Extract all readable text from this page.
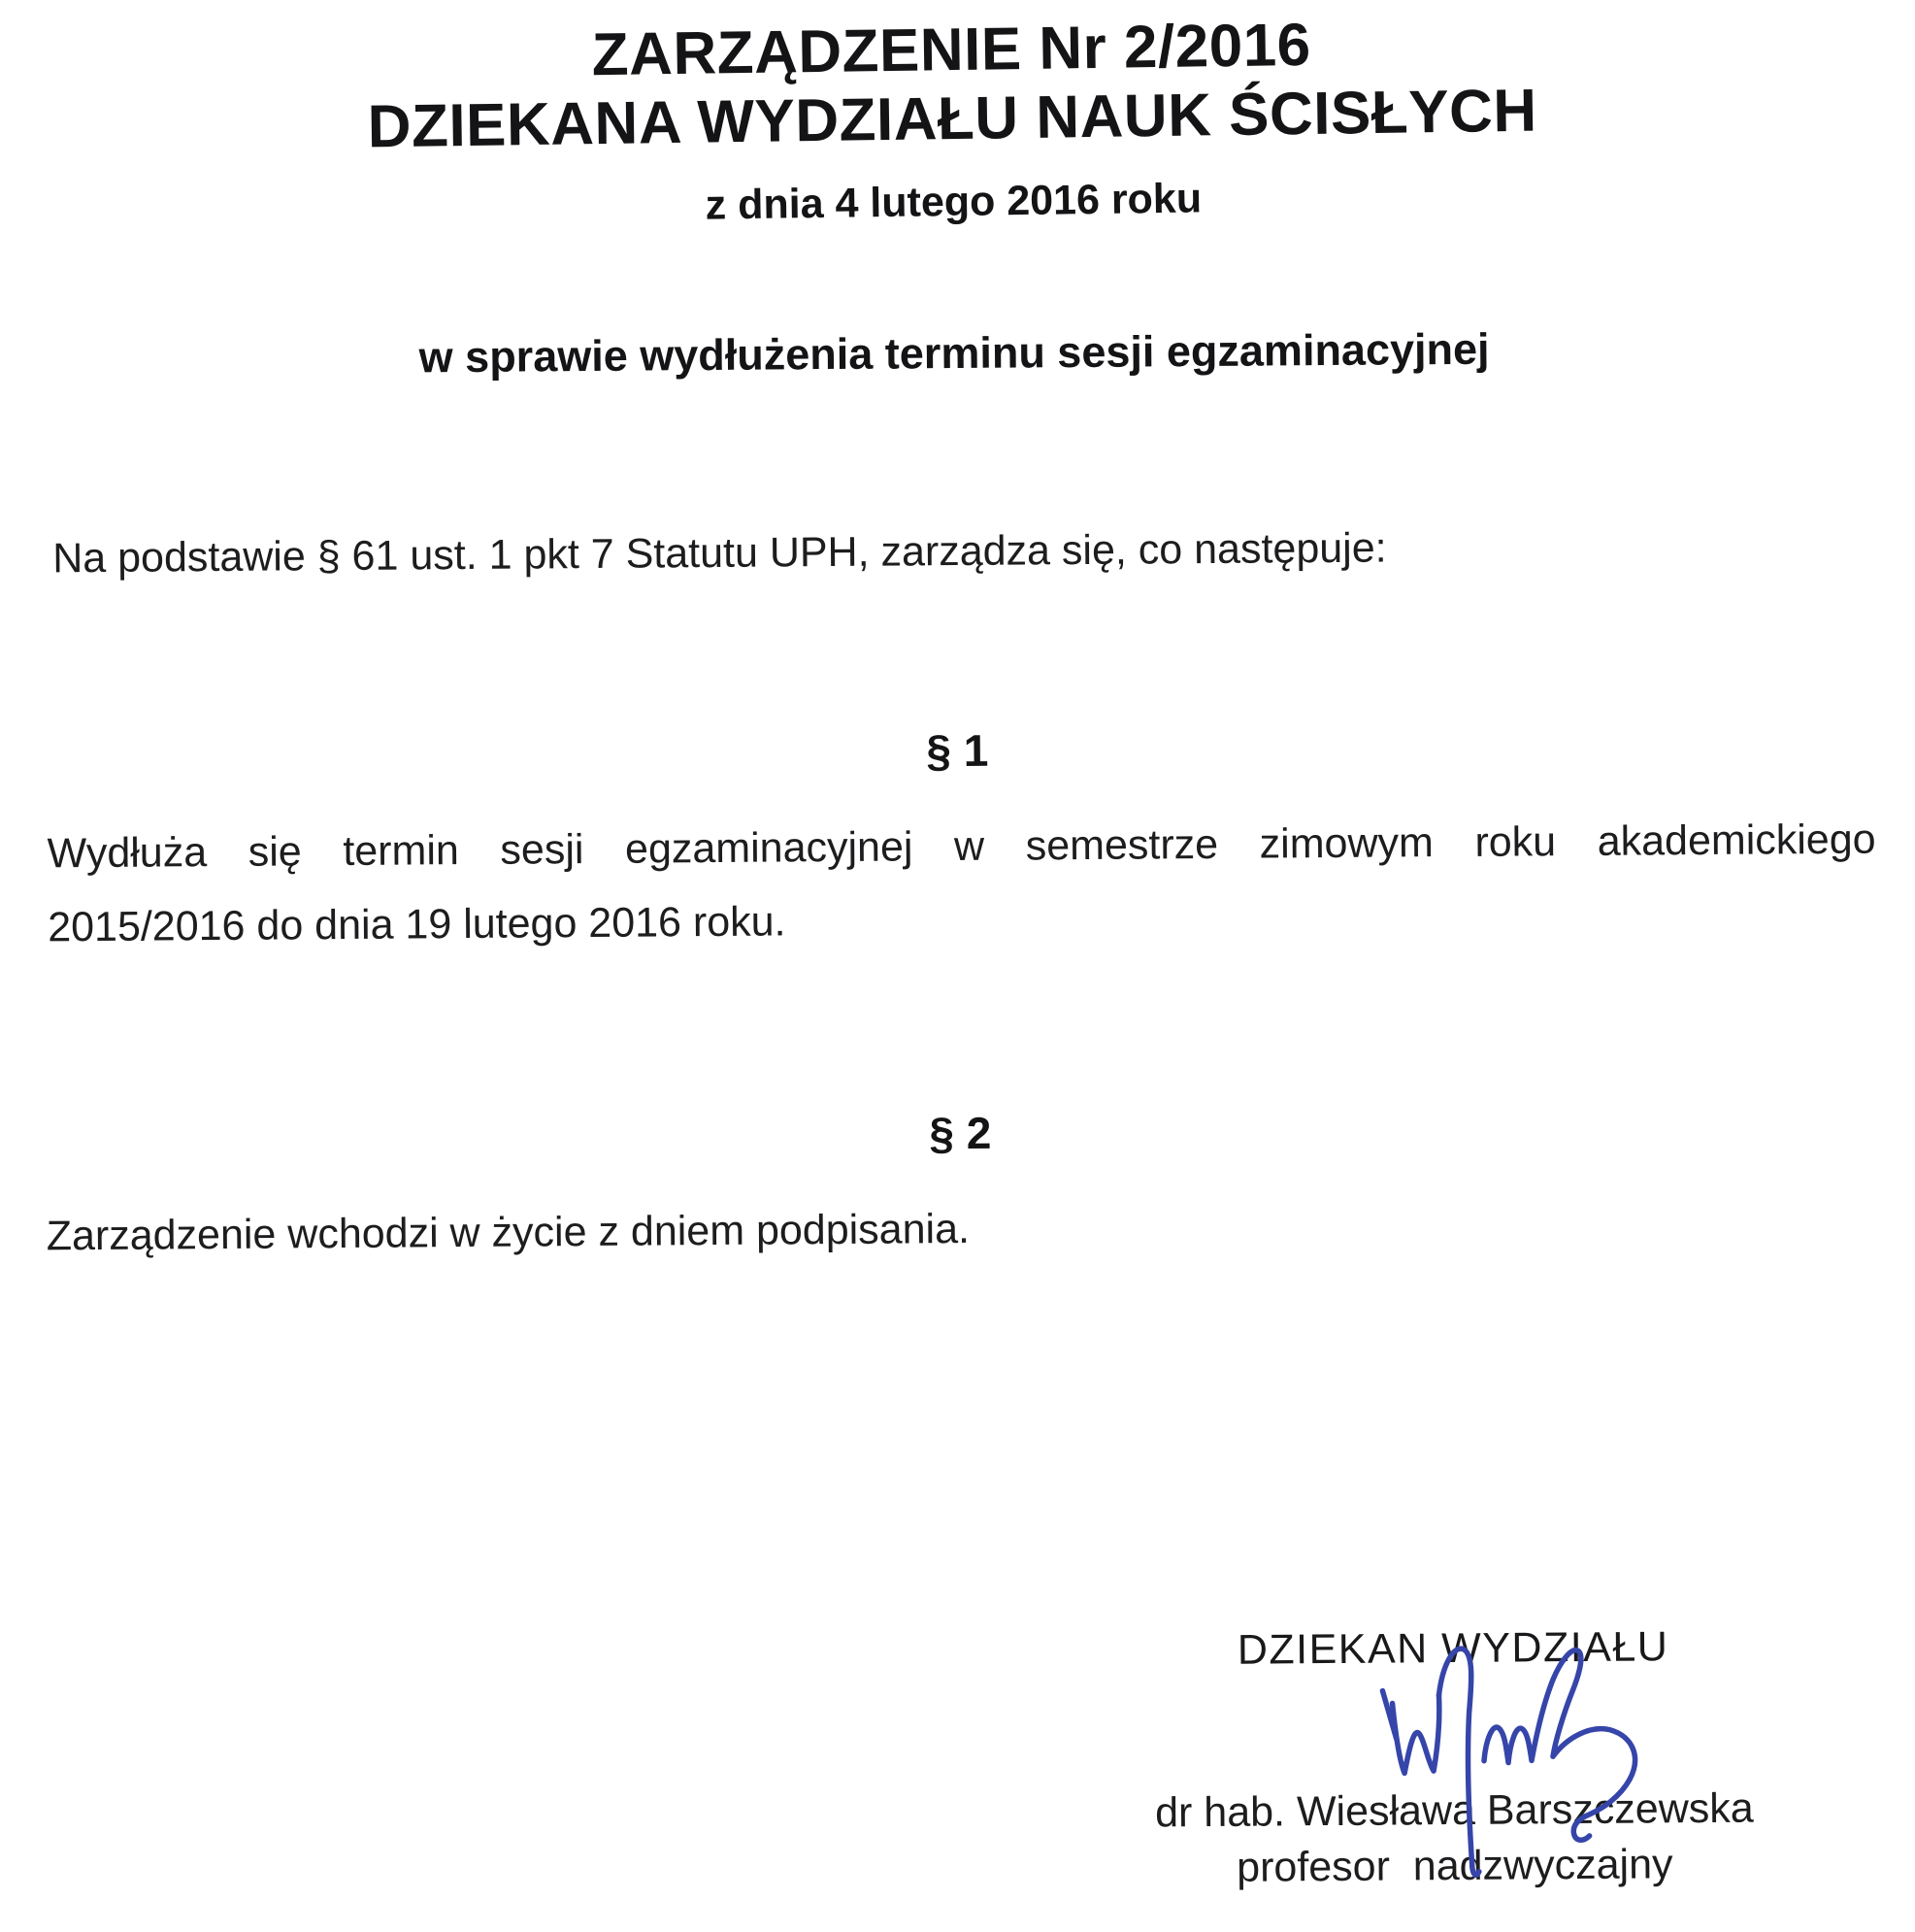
ZARZĄDZENIE Nr 2/2016
DZIEKANA WYDZIAŁU NAUK ŚCISŁYCH
z dnia 4 lutego 2016 roku
w sprawie wydłużenia terminu sesji egzaminacyjnej

Na podstawie § 61 ust. 1 pkt 7 Statutu UPH, zarządza się, co następuje:

§ 1
Wydłuża się termin sesji egzaminacyjnej w semestrze zimowym roku akademickiego
2015/2016 do dnia 19 lutego 2016 roku.
§ 2
Zarządzenie wchodzi w życie z dniem podpisania.
DZIEKAN WYDZIAŁU
dr hab. Wiesława Barszczewska
profesor  nadzwyczajny
